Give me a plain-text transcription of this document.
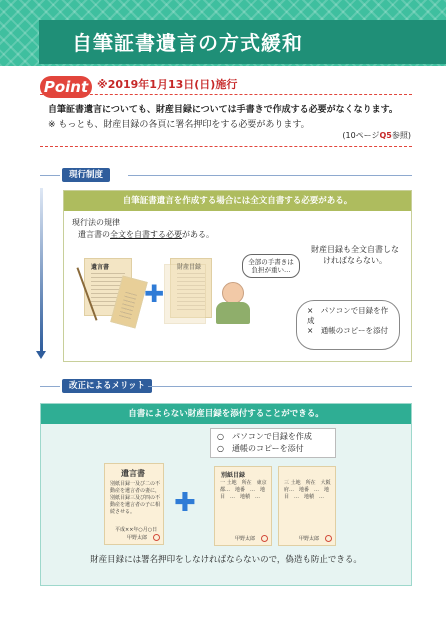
自筆証書遺言の方式緩和
Point ※2019年1月13日(日)施行
自筆証書遺言についても、財産目録については手書きで作成する必要がなくなります。
※ もっとも、財産目録の各頁に署名押印をする必要があります。
(10ページQ5参照)
現行制度
自筆証書遺言を作成する場合には全文自書する必要がある。
現行法の規律
遺言書の全文を自書する必要がある。
遺言書
✚
全部の手書きは負担が重い…
財産目録も全文自書しなければならない。
×　パソコンで目録を作成
×　通帳のコピーを添付
改正によるメリット
自書によらない財産目録を添付することができる。
○　パソコンで目録を作成
○　通帳のコピーを添付
遺言書
別紙目録一及び二の不動産を遺言者の妻に，別紙目録三及び四の不動産を遺言者の子に相続させる。
平成××年○月○日
甲野太郎
✚
別紙目録
一 土地　所在　東京都…　地番　…　地目　…　地積　…
甲野太郎
三 土地　所在　大阪府…　地番　…　地目　…　地積　…
甲野太郎
財産目録には署名押印をしなければならないので，偽造も防止できる。
